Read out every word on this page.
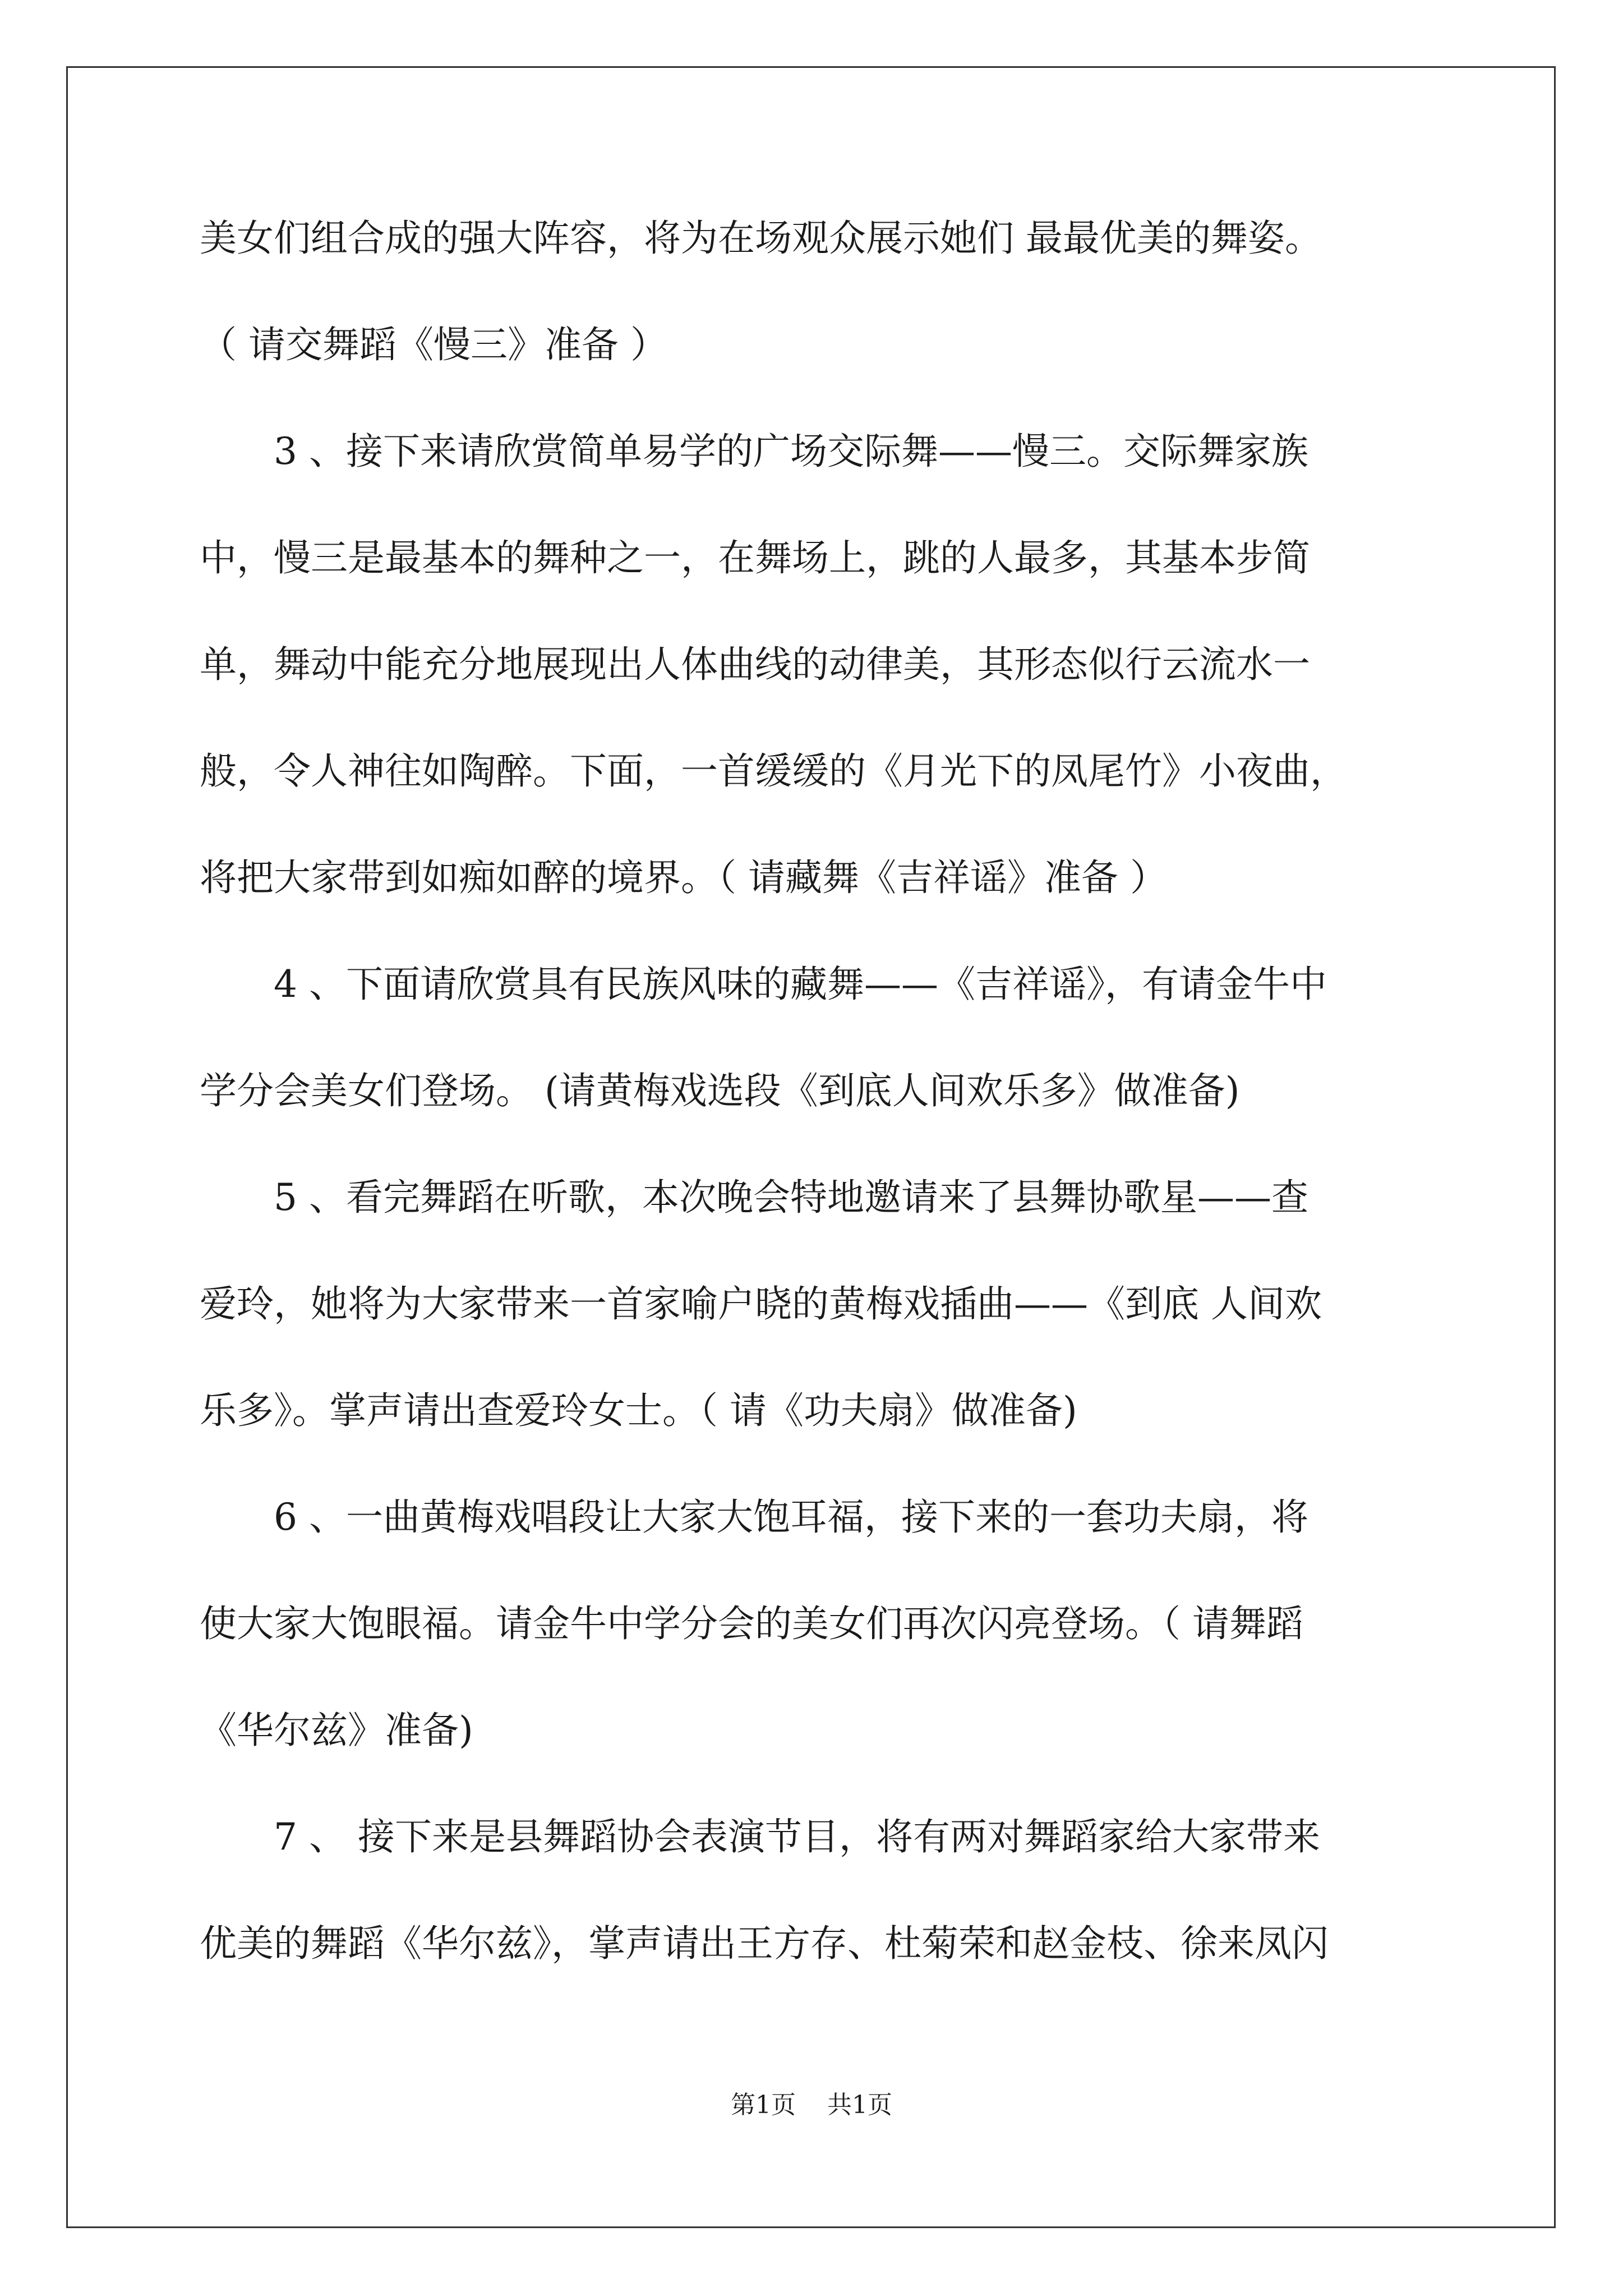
美女们组合成的强大阵容，将为在场观众展示她们 最最优美的舞姿。
（ 请交舞蹈《慢三》准备 ）
　　3 、接下来请欣赏简单易学的广场交际舞——慢三。交际舞家族
中，慢三是最基本的舞种之一，在舞场上，跳的人最多，其基本步简
单，舞动中能充分地展现出人体曲线的动律美，其形态似行云流水一
般，令人神往如陶醉。下面，一首缓缓的《月光下的凤尾竹》小夜曲，
将把大家带到如痴如醉的境界。（ 请藏舞《吉祥谣》准备 ）
　　4 、下面请欣赏具有民族风味的藏舞——《吉祥谣》，有请金牛中
学分会美女们登场。 (请黄梅戏选段《到底人间欢乐多》做准备)
　　5 、看完舞蹈在听歌，本次晚会特地邀请来了县舞协歌星——查
爱玲，她将为大家带来一首家喻户晓的黄梅戏插曲——《到底 人间欢
乐多》。掌声请出查爱玲女士。（ 请《功夫扇》做准备)
　　6 、一曲黄梅戏唱段让大家大饱耳福，接下来的一套功夫扇，将
使大家大饱眼福。请金牛中学分会的美女们再次闪亮登场。（ 请舞蹈
《华尔兹》准备)
　　7 、 接下来是县舞蹈协会表演节目，将有两对舞蹈家给大家带来
优美的舞蹈《华尔兹》，掌声请出王方存、杜菊荣和赵金枝、徐来凤闪
第1页    共1页
